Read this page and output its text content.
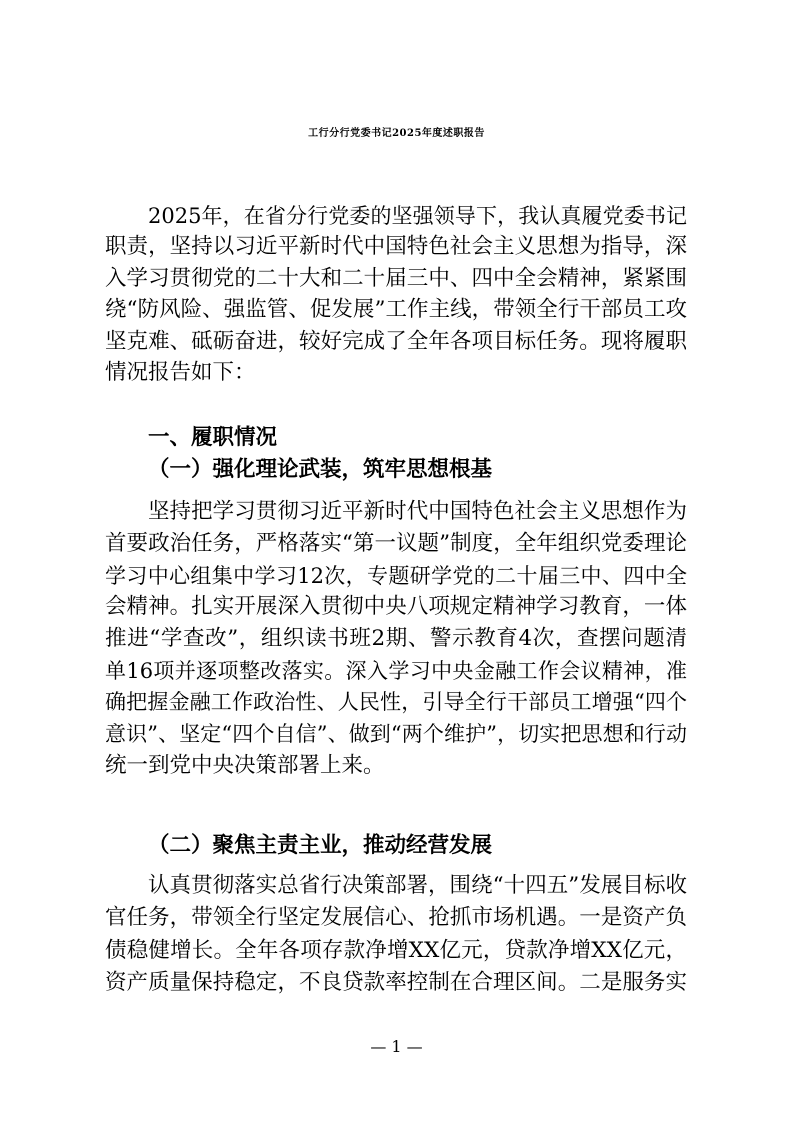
工行分行党委书记2025年度述职报告
2025年，在省分行党委的坚强领导下，我认真履党委书记
职责，坚持以习近平新时代中国特色社会主义思想为指导，深
入学习贯彻党的二十大和二十届三中、四中全会精神，紧紧围
绕“防风险、强监管、促发展”工作主线，带领全行干部员工攻
坚克难、砥砺奋进，较好完成了全年各项目标任务。现将履职
情况报告如下：
一、履职情况
（一）强化理论武装，筑牢思想根基
坚持把学习贯彻习近平新时代中国特色社会主义思想作为
首要政治任务，严格落实“第一议题”制度，全年组织党委理论
学习中心组集中学习12次，专题研学党的二十届三中、四中全
会精神。扎实开展深入贯彻中央八项规定精神学习教育，一体
推进“学查改”，组织读书班2期、警示教育4次，查摆问题清
单16项并逐项整改落实。深入学习中央金融工作会议精神，准
确把握金融工作政治性、人民性，引导全行干部员工增强“四个
意识”、坚定“四个自信”、做到“两个维护”，切实把思想和行动
统一到党中央决策部署上来。
（二）聚焦主责主业，推动经营发展
认真贯彻落实总省行决策部署，围绕“十四五”发展目标收
官任务，带领全行坚定发展信心、抢抓市场机遇。一是资产负
债稳健增长。全年各项存款净增XX亿元，贷款净增XX亿元，
资产质量保持稳定，不良贷款率控制在合理区间。二是服务实
— 1 —
